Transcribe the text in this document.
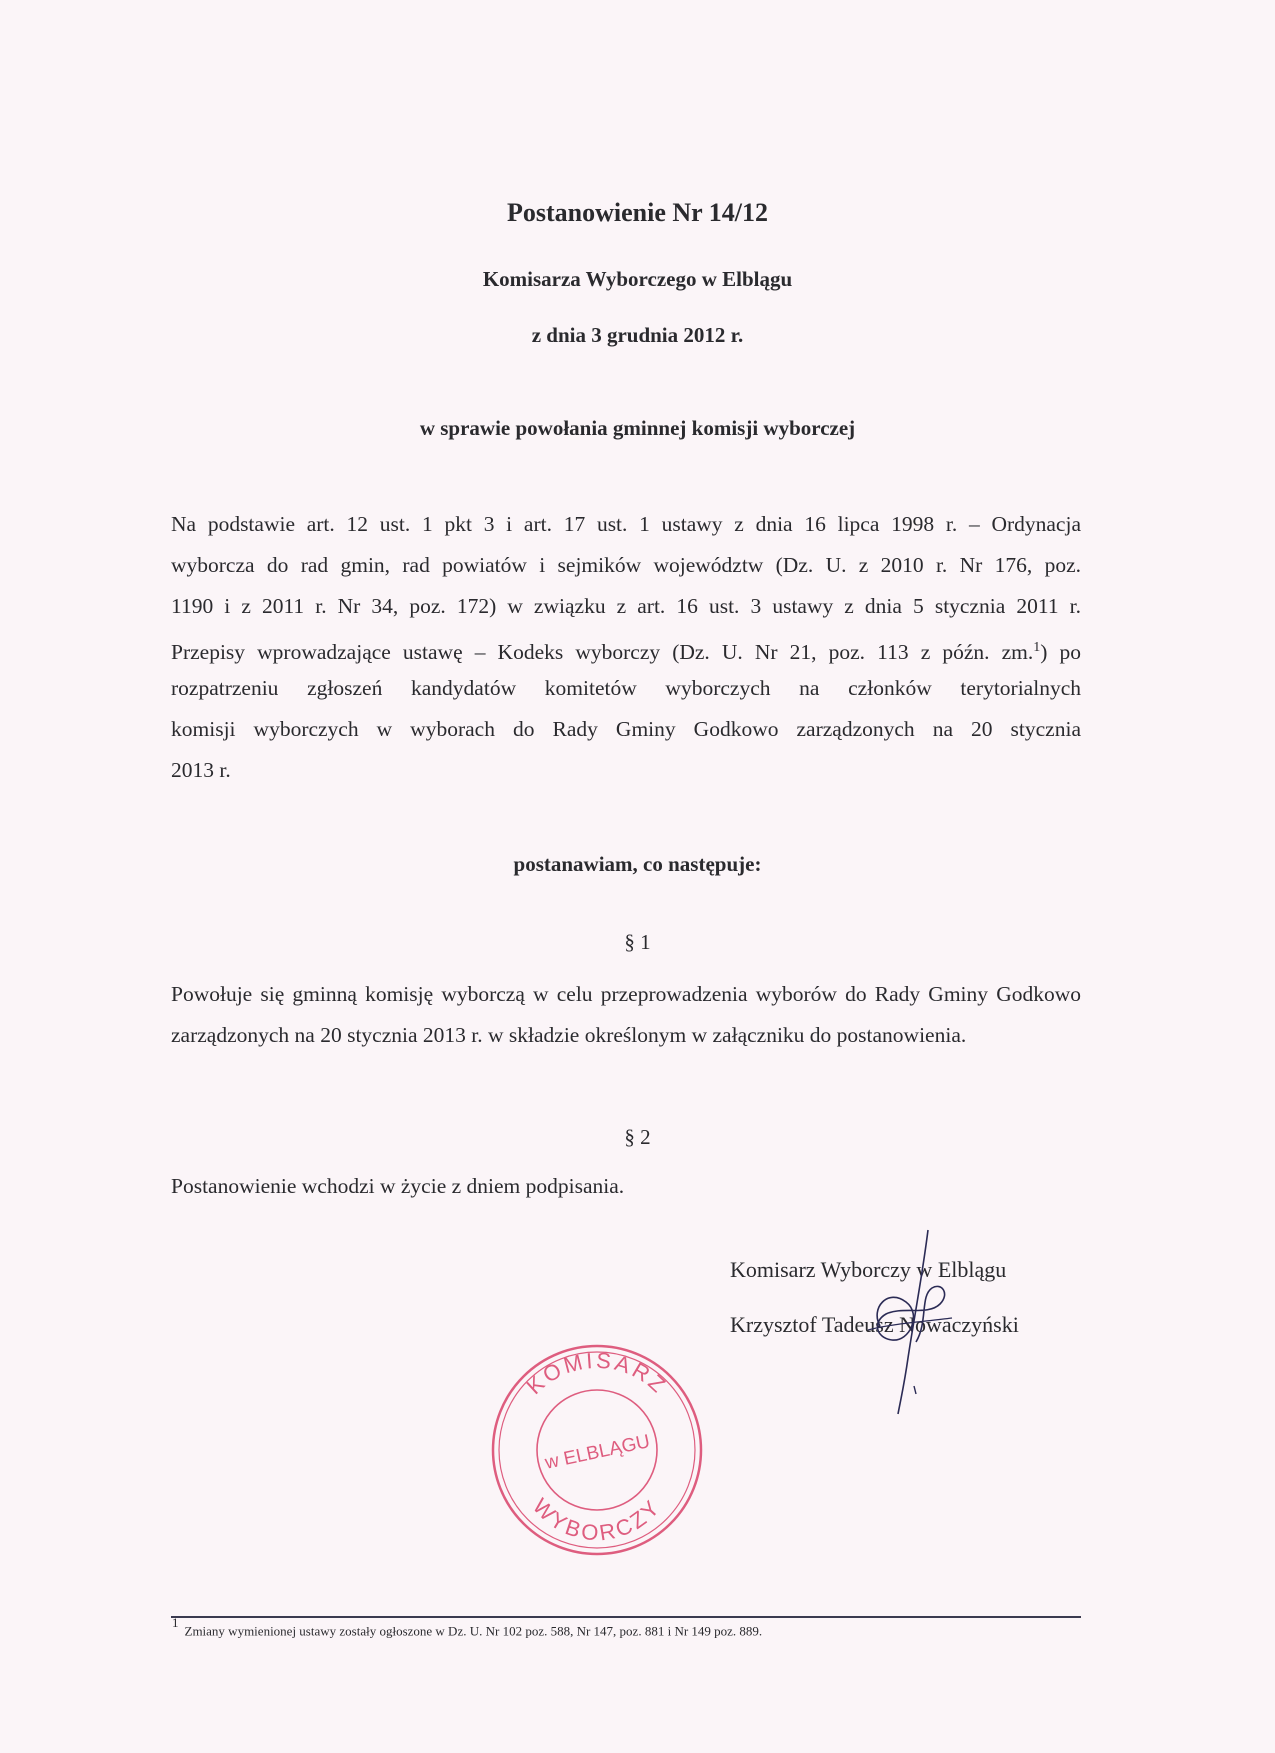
Postanowienie Nr 14/12
Komisarza Wyborczego w Elblągu
z dnia 3 grudnia 2012 r.
w sprawie powołania gminnej komisji wyborczej
Na podstawie art. 12 ust. 1 pkt 3 i art. 17 ust. 1 ustawy z dnia 16 lipca 1998 r. – Ordynacja
wyborcza do rad gmin, rad powiatów i sejmików województw (Dz. U. z 2010 r. Nr 176, poz.
1190 i z 2011 r. Nr 34, poz. 172) w związku z art. 16 ust. 3 ustawy z dnia 5 stycznia 2011 r.
Przepisy wprowadzające ustawę – Kodeks wyborczy (Dz. U. Nr 21, poz. 113 z późn. zm.$^1$) po
rozpatrzeniu zgłoszeń kandydatów komitetów wyborczych na członków terytorialnych
komisji wyborczych w wyborach do Rady Gminy Godkowo zarządzonych na 20 stycznia
2013 r.
postanawiam, co następuje:
§ 1
Powołuje się gminną komisję wyborczą w celu przeprowadzenia wyborów do Rady Gminy Godkowo zarządzonych na 20 stycznia 2013 r. w składzie określonym w załączniku do postanowienia.
§ 2
Postanowienie wchodzi w życie z dniem podpisania.
Komisarz Wyborczy w Elblągu
Krzysztof Tadeusz Nowaczyński
KOMISARZ
WYBORCZY
w ELBLĄGU
$^1$Zmiany wymienionej ustawy zostały ogłoszone w Dz. U. Nr 102 poz. 588, Nr 147, poz. 881 i Nr 149 poz. 889.
